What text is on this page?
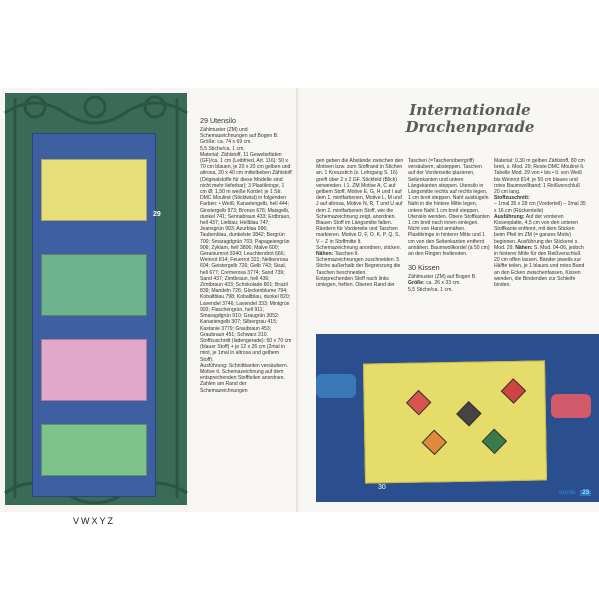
VWXYZ
29
29 Utensilo
Zählmuster (ZM) und Schemazeichnungen auf Bogen B.
Größe: ca. 74 x 69 cm.
5,5 Stiche/ca. 1 cm.
Material: Zählstoff, 11 Gewebefäden (GF)/ca. 1 cm (Leibfried, Art. 116): 50 x 70 cm blauen, je 20 x 20 cm gelben und altrosa, 20 x 40 cm mittelbeben Zählstoff (Originalstoffe für diese Modelle sind nicht mehr lieferbar); 3 Plastikringe, 1 cm Ø; 1,50 m weiße Kordel; je 1 Str. DMC Mouliné (Sticktwist) in folgenden Farben: • Weiß; Kanariengelb, hell 444; Ginstergelb 973; Bronze 676; Maisgelb, dunkel 741; Sennabraun 433; Erdbraun, hell 437; Lieblau; Hellblau 747; Jeansgrün 993; Azurblau 996; Taubenblau, dunkelste 3842; Bergrün 700; Smaragdgrün 703; Papageiengrün 906; Zyklam, hell 3806; Malve 600; Geraniumrot 3340; Leuchtendrot 666; Weinrot 814; Feuerrot 321; Nelkenrosa 604; Geistergelb 726; Gelb 743; Sisal, hell 677; Cremerosa 3774; Sand 739; Sand 437; Zimtbraun, hell 436; Zimtbraun 433; Schokolade 801; Brazil 839; Mandeln 726; Glockenblume 794; Kobaltblau 798; Kobaltblau, dunkel 820; Lavendel 3746; Lavendel 333; Mintgrün 993; Flaschengrün, hell 911; Smaragdgrün 910; Graugrün 3052; Kanariengelb 307; Silbergrau 415; Kastanie 3779; Graubraun 453; Graubraun 451; Schwarz 310.
Stoffzuschnitt (ladengerade): 50 x 70 cm (blauer Stoff) + je 12 x 26 cm (2mal in mint, je 1mal in altrosa und gelbem Stoff).
Ausführung: Schnittkanten versäubern. Motive it. Schemazeichnung auf dem entsprechenden Stoffteilen anordnen. Zahlen am Rand der Schemazeichnungen
Internationale
Drachenparade
gen geben die Abstände zwischen den Motiven bzw. zum Stoffrand in Stichen an. 1 Kreuzstich (s. Lehrgang S. 16) greift über 2 x 2 GF. Stickfeld (Blick) verwenden. I.1. ZM Motive A, C auf gelbem Stoff, Motive E, G, H und I auf dem 1. mintfarbenen, Motive L, M und J auf altrosa, Motive N, R, T und U auf dem 2. mintfarbenen Stoff, wie die Schemazeichnung zeigt, anordnen. Blauen Stoff im Längsmitte falten. Rändern für Vordereite und Taschen markieren. Motive D, F, O, K, P, Q, S, V – Z in Stoffmitte lt. Schemazeichnung anordnen, sticken. Nähen: Taschen lt. Schemazeichnungen zuschneiden. 5 Stiche außerhalb der Begrenzung die Taschen beschneiden. Entsprechenden Stoff nach links umlegen, heften. Oberen Rand der
Taschen (=Taschenoberrgriff) versäubern, absteppen. Taschen auf der Vorderseite plazieren, Seitenkanten und untere Längskanten steppen. Utensilo in Längsmitte rechts auf rechts legen, 1 cm breit steppen. Naht ausbügeln. Naht in die hintere Mitte legen, untere Naht 1 cm breit steppen. Utensilo wenden. Obere Stoffkanten 1 cm breit nach innen einlegen. Nicht von Hand annähen. Plastikringe in hinterer Mitte und 1 cm von den Seitenkanten entfernt annähen. Baumwollkordel (à 50 cm) an den Ringen festknoten.
30 Kissen
Zählmuster (ZM) auf Bogen B.
Größe: ca. 26 x 33 cm.
5,5 Stiche/ca. 1 cm.
Material: 0,30 m gelben Zählstoff, 80 cm breit, s. Mod. 29; Reste DMC Mouliné lt. Tabelle Mod. 29 von • bis • lt. von Weiß bis Weinrot 814; je 50 cm blaues und rotes Baumwollband; 1 Reißverschluß 20 cm lang.
Stoffzuschnitt:
– 1mal 35 x 28 cm (Vorderteil) – 2mal 35 x 16 cm (Rückenteile)
Ausführung: Auf der vorderen Kissenplatte, 4,5 cm von den unteren Stoffkante entfernt, mit dem Sticken beim Pfeil im ZM (= ganzes Motiv) beginnen. Ausführung der Stickerei s. Mod. 29. Nähen: S. Mod. 04-06, jedoch in hinterer Mitte für den Reißverschluß 20 cm offen lassen. Bänder jeweils zur Hälfte teilen, je 1 blaues und rotes Band an den Ecken zwischenfassen. Kissen wenden, die Bindenden zur Schleife binden.
30
burda 23
